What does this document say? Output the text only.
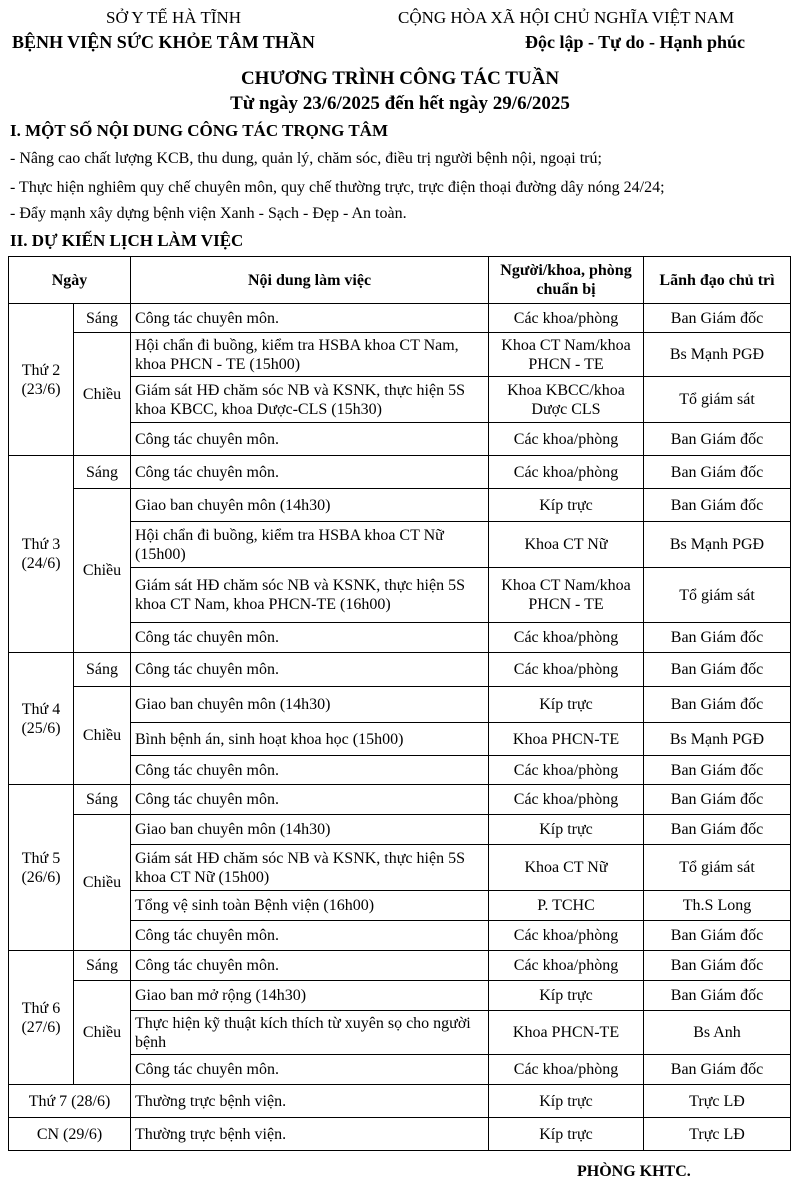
SỞ Y TẾ HÀ TĨNH
BỆNH VIỆN SỨC KHỎE TÂM THẦN
CỘNG HÒA XÃ HỘI CHỦ NGHĨA VIỆT NAM
Độc lập - Tự do - Hạnh phúc
CHƯƠNG TRÌNH CÔNG TÁC TUẦN
Từ ngày 23/6/2025 đến hết ngày 29/6/2025
I. MỘT SỐ NỘI DUNG CÔNG TÁC TRỌNG TÂM
- Nâng cao chất lượng KCB, thu dung, quản lý, chăm sóc, điều trị người bệnh nội, ngoại trú;
- Thực hiện nghiêm quy chế chuyên môn, quy chế thường trực, trực điện thoại đường dây nóng 24/24;
- Đẩy mạnh xây dựng bệnh viện Xanh - Sạch - Đẹp - An toàn.
II. DỰ KIẾN LỊCH LÀM VIỆC
Ngày		Nội dung làm việc	Người/khoa, phòng chuẩn bị	Lãnh đạo chủ trì
Thứ 2 (23/6)	Sáng	Công tác chuyên môn.	Các khoa/phòng	Ban Giám đốc
	Chiều	Hội chẩn đi buồng, kiểm tra HSBA khoa CT Nam, khoa PHCN - TE (15h00)	Khoa CT Nam/khoa PHCN - TE	Bs Mạnh PGĐ
		Giám sát HĐ chăm sóc NB và KSNK, thực hiện 5S khoa KBCC, khoa Dược-CLS (15h30)	Khoa KBCC/khoa Dược CLS	Tổ giám sát
		Công tác chuyên môn.	Các khoa/phòng	Ban Giám đốc
Thứ 3 (24/6)	Sáng	Công tác chuyên môn.	Các khoa/phòng	Ban Giám đốc
	Chiều	Giao ban chuyên môn (14h30)	Kíp trực	Ban Giám đốc
		Hội chẩn đi buồng, kiểm tra HSBA khoa CT Nữ (15h00)	Khoa CT Nữ	Bs Mạnh PGĐ
		Giám sát HĐ chăm sóc NB và KSNK, thực hiện 5S khoa CT Nam, khoa PHCN-TE (16h00)	Khoa CT Nam/khoa PHCN - TE	Tổ giám sát
		Công tác chuyên môn.	Các khoa/phòng	Ban Giám đốc
Thứ 4 (25/6)	Sáng	Công tác chuyên môn.	Các khoa/phòng	Ban Giám đốc
	Chiều	Giao ban chuyên môn (14h30)	Kíp trực	Ban Giám đốc
		Bình bệnh án, sinh hoạt khoa học (15h00)	Khoa PHCN-TE	Bs Mạnh PGĐ
		Công tác chuyên môn.	Các khoa/phòng	Ban Giám đốc
Thứ 5 (26/6)	Sáng	Công tác chuyên môn.	Các khoa/phòng	Ban Giám đốc
	Chiều	Giao ban chuyên môn (14h30)	Kíp trực	Ban Giám đốc
		Giám sát HĐ chăm sóc NB và KSNK, thực hiện 5S khoa CT Nữ (15h00)	Khoa CT Nữ	Tổ giám sát
		Tổng vệ sinh toàn Bệnh viện (16h00)	P. TCHC	Th.S Long
		Công tác chuyên môn.	Các khoa/phòng	Ban Giám đốc
Thứ 6 (27/6)	Sáng	Công tác chuyên môn.	Các khoa/phòng	Ban Giám đốc
	Chiều	Giao ban mở rộng (14h30)	Kíp trực	Ban Giám đốc
		Thực hiện kỹ thuật kích thích từ xuyên sọ cho người bệnh	Khoa PHCN-TE	Bs Anh
		Công tác chuyên môn.	Các khoa/phòng	Ban Giám đốc
Thứ 7 (28/6)		Thường trực bệnh viện.	Kíp trực	Trực LĐ
CN (29/6)		Thường trực bệnh viện.	Kíp trực	Trực LĐ
PHÒNG KHTC.
